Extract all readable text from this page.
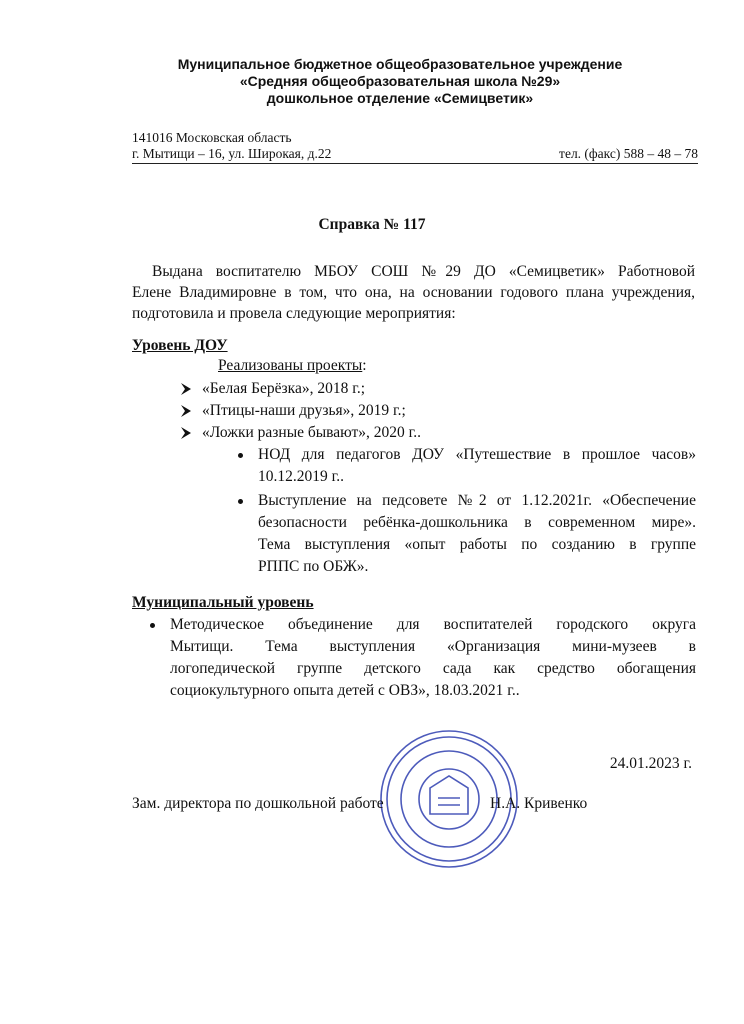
Муниципальное бюджетное общеобразовательное учреждение
«Средняя общеобразовательная школа №29»
дошкольное отделение «Семицветик»
141016 Московская область
г. Мытищи – 16, ул. Широкая, д.22	тел. (факс) 588 – 48 – 78
Справка № 117
Выдана воспитателю МБОУ СОШ №29 ДО «Семицветик» Работновой
Елене Владимировне в том, что она, на основании годового плана учреждения,
подготовила и провела следующие мероприятия:
Уровень ДОУ
Реализованы проекты:
«Белая Берёзка», 2018 г.;
«Птицы-наши друзья», 2019 г.;
«Ложки разные бывают», 2020 г..
НОД для педагогов ДОУ «Путешествие в прошлое часов»
10.12.2019 г..
Выступление на педсовете №2 от 1.12.2021г. «Обеспечение
безопасности ребёнка-дошкольника в современном мире».
Тема выступления «опыт работы по созданию в группе
РППС по ОБЖ».
Муниципальный уровень
Методическое объединение для воспитателей городского округа
Мытищи. Тема выступления «Организация мини-музеев в
логопедической группе детского сада как средство обогащения
социокультурного опыта детей с ОВЗ», 18.03.2021 г..
24.01.2023 г.
Зам. директора по дошкольной работе	Н.А. Кривенко
